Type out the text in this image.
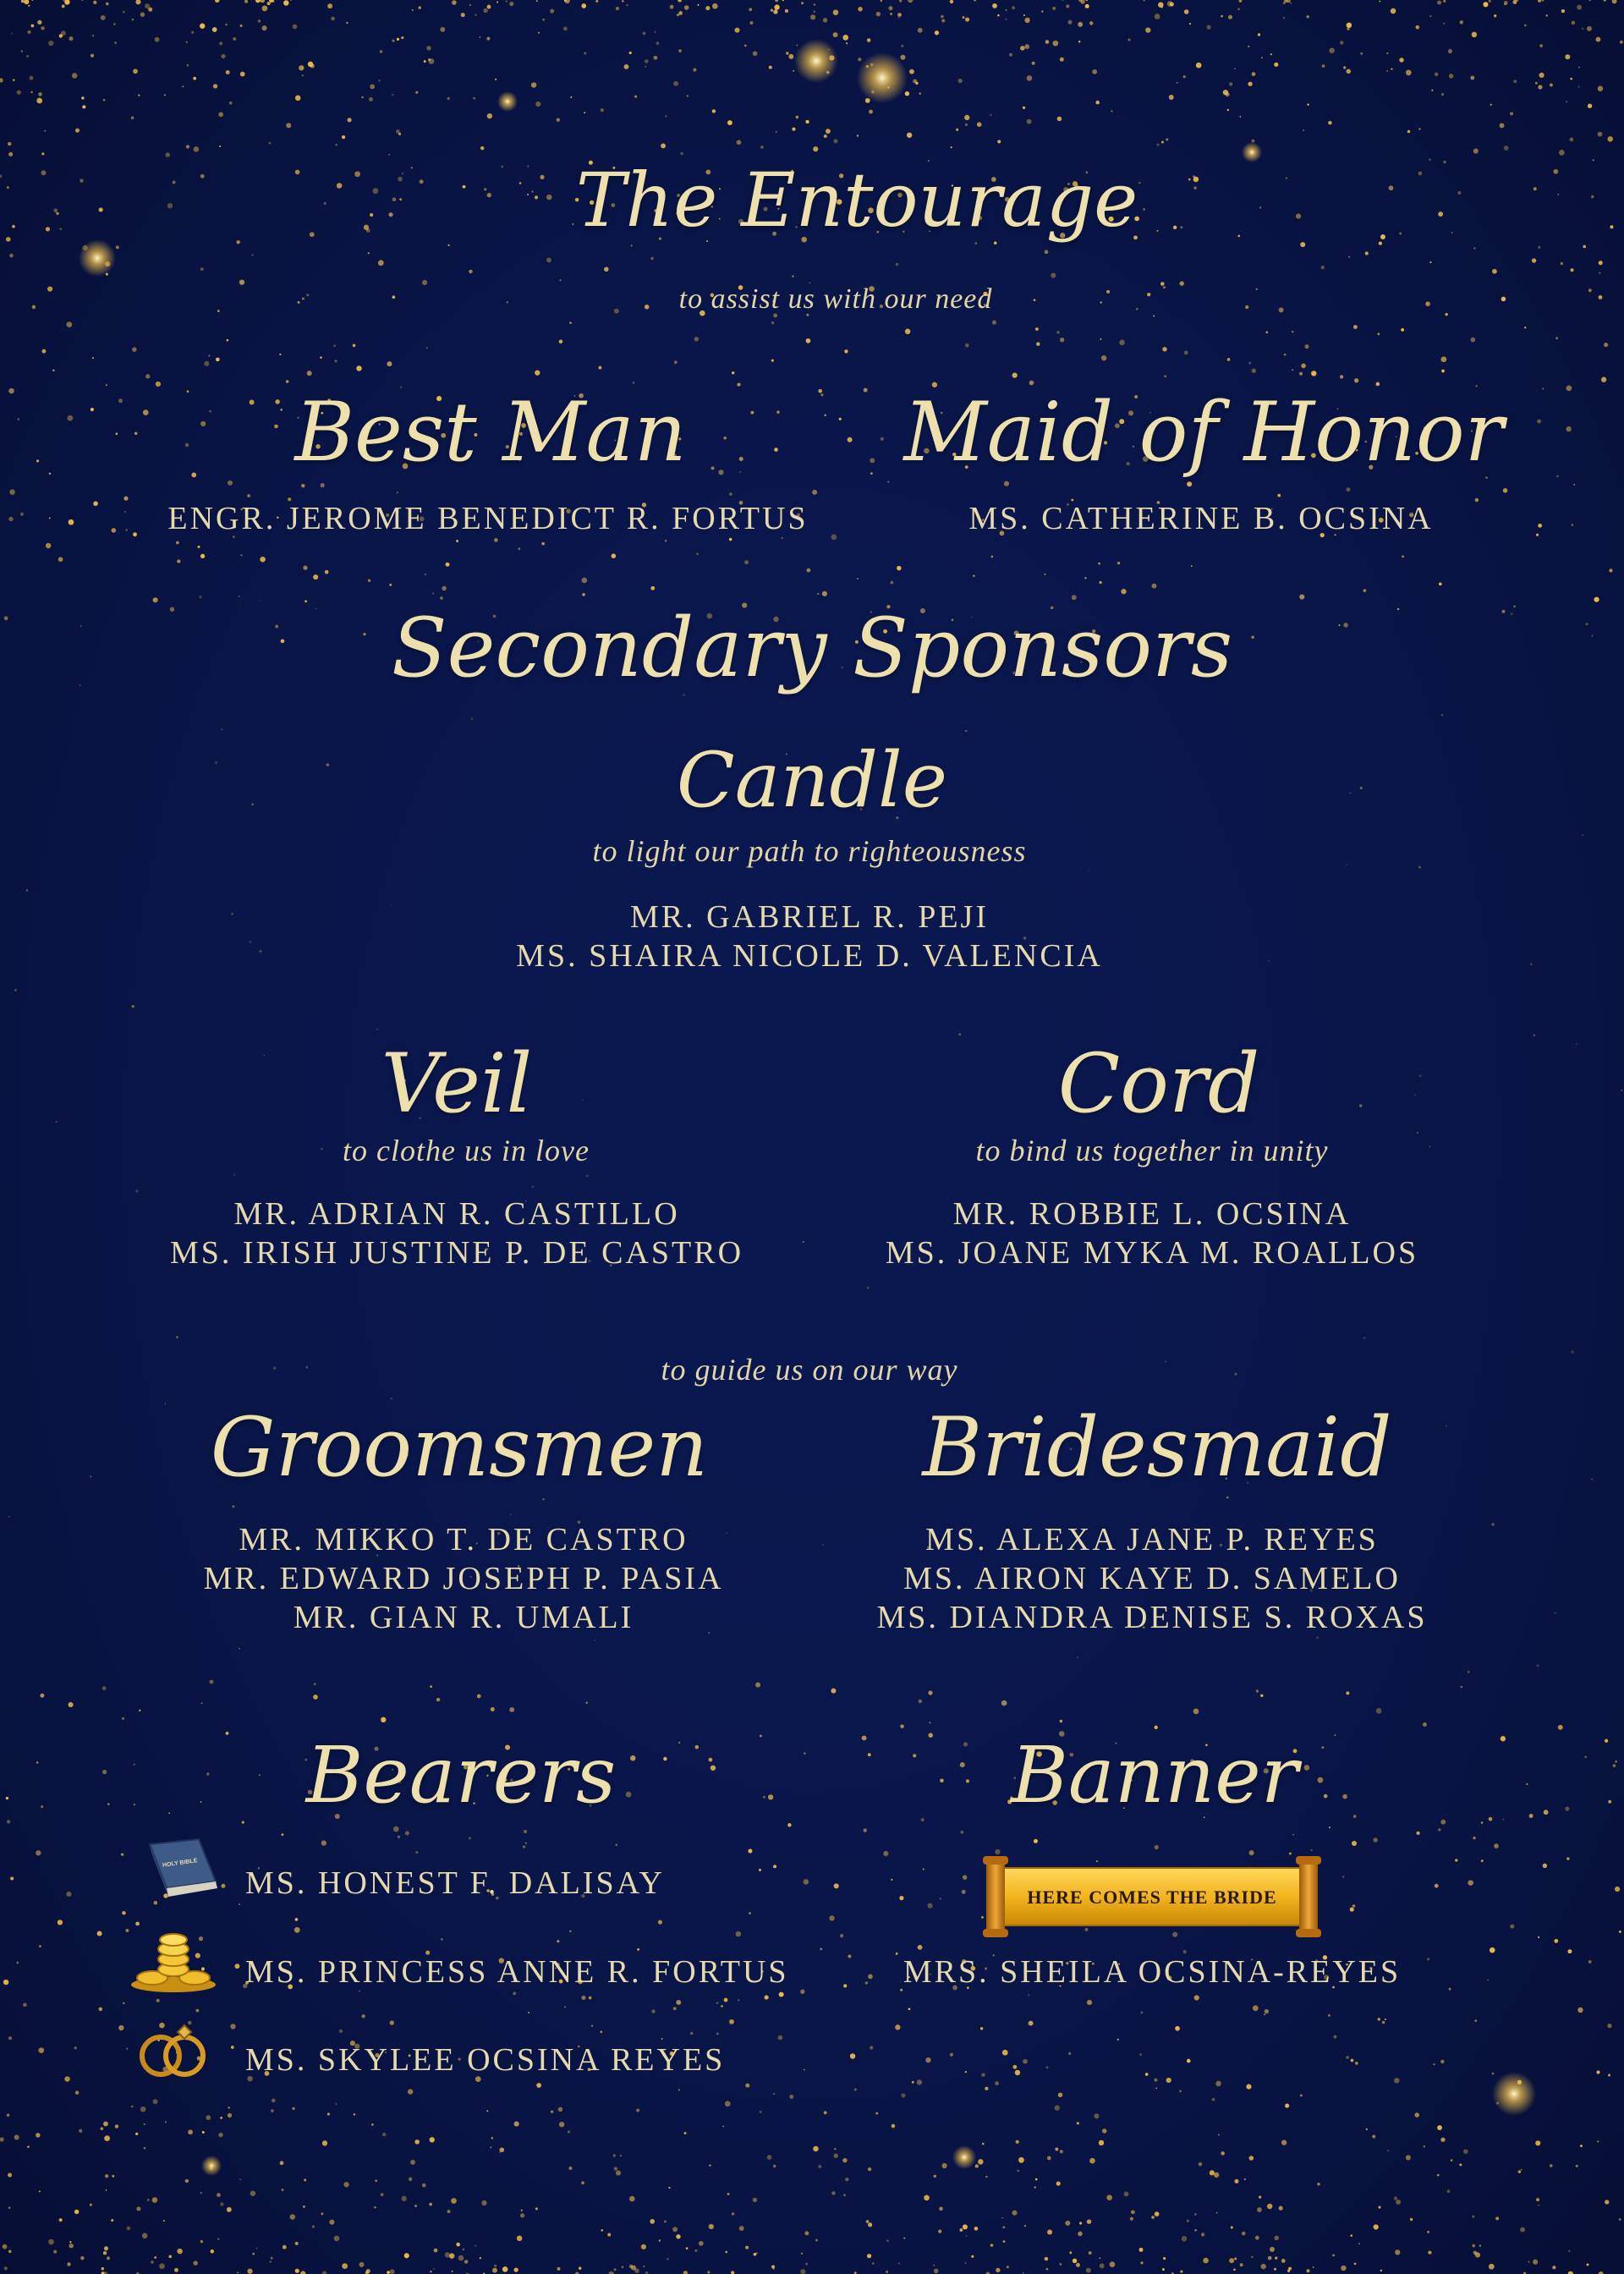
The Entourage
to assist us with our need
Best Man
ENGR. JEROME BENEDICT R. FORTUS
Maid of Honor
MS. CATHERINE B. OCSINA
Secondary Sponsors
Candle
to light our path to righteousness
MR. GABRIEL R. PEJI
MS. SHAIRA NICOLE D. VALENCIA
Veil
to clothe us in love
MR. ADRIAN R. CASTILLO
MS. IRISH JUSTINE P. DE CASTRO
Cord
to bind us together in unity
MR. ROBBIE L. OCSINA
MS. JOANE MYKA M. ROALLOS
to guide us on our way
Groomsmen
MR. MIKKO T. DE CASTRO
MR. EDWARD JOSEPH P. PASIA
MR. GIAN R. UMALI
Bridesmaid
MS. ALEXA JANE P. REYES
MS. AIRON KAYE D. SAMELO
MS. DIANDRA DENISE S. ROXAS
Bearers
HOLY BIBLE
MS. HONEST F. DALISAY
MS. PRINCESS ANNE R. FORTUS
MS. SKYLEE OCSINA REYES
Banner
HERE COMES THE BRIDE
MRS. SHEILA OCSINA-REYES
